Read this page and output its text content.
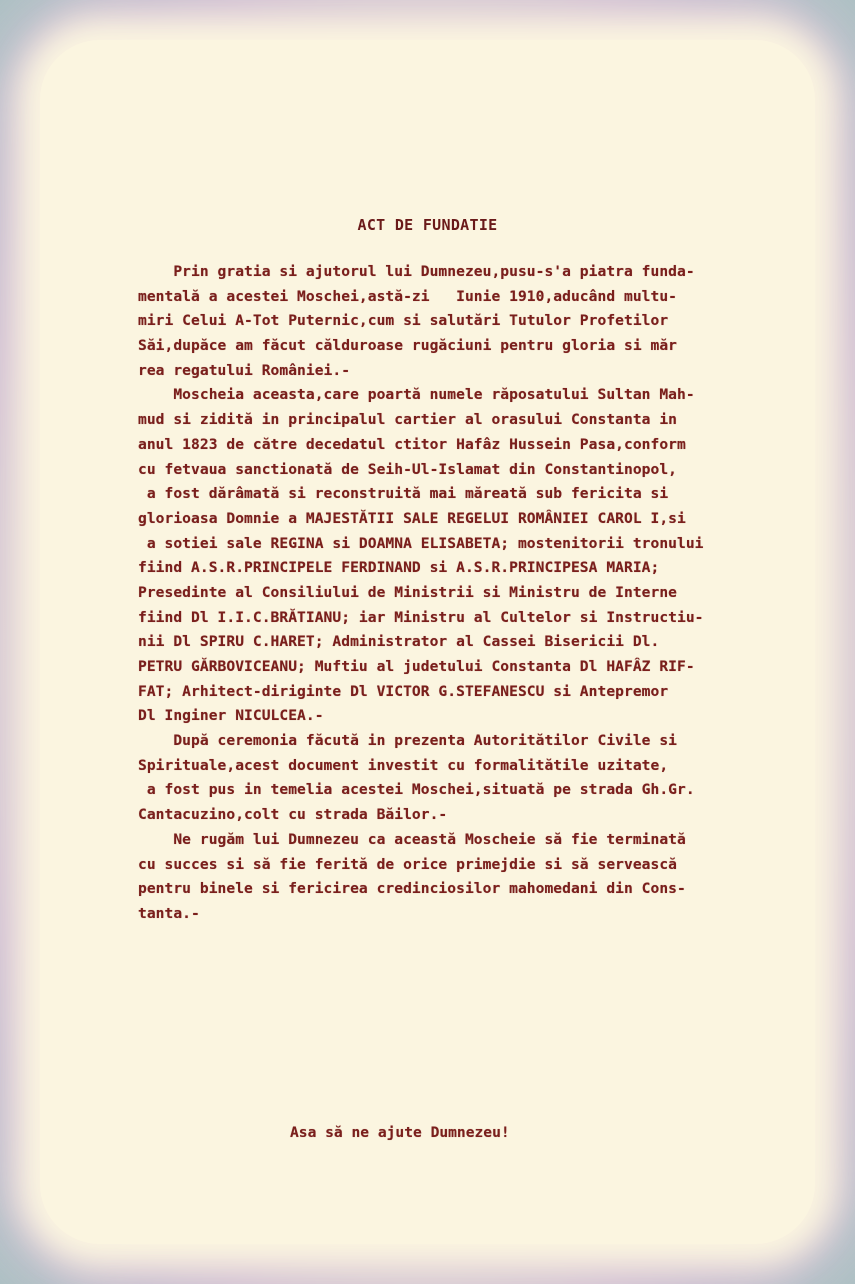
ACT DE FUNDATIE
Prin gratia si ajutorul lui Dumnezeu,pusu-s'a piatra funda-
mentală a acestei Moschei,astă-zi   Iunie 1910,aducând multu-
miri Celui A-Tot Puternic,cum si salutări Tutulor Profetilor
Săi,dupăce am făcut călduroase rugăciuni pentru gloria si măr
rea regatului României.-
Moscheia aceasta,care poartă numele răposatului Sultan Mah-
mud si zidită in principalul cartier al orasului Constanta in
anul 1823 de către decedatul ctitor Hafâz Hussein Pasa,conform
cu fetvaua sanctionată de Seih-Ul-Islamat din Constantinopol,
a fost dărâmată si reconstruită mai măreată sub fericita si
glorioasa Domnie a MAJESTĂTII SALE REGELUI ROMÂNIEI CAROL I,si
a sotiei sale REGINA si DOAMNA ELISABETA; mostenitorii tronului
fiind A.S.R.PRINCIPELE FERDINAND si A.S.R.PRINCIPESA MARIA;
Presedinte al Consiliului de Ministrii si Ministru de Interne
fiind Dl I.I.C.BRĂTIANU; iar Ministru al Cultelor si Instructiu-
nii Dl SPIRU C.HARET; Administrator al Cassei Bisericii Dl.
PETRU GĂRBOVICEANU; Muftiu al judetului Constanta Dl HAFÂZ RIF-
FAT; Arhitect-diriginte Dl VICTOR G.STEFANESCU si Antepremor
Dl Inginer NICULCEA.-
După ceremonia făcută in prezenta Autoritătilor Civile si
Spirituale,acest document investit cu formalitătile uzitate,
a fost pus in temelia acestei Moschei,situată pe strada Gh.Gr.
Cantacuzino,colt cu strada Băilor.-
Ne rugăm lui Dumnezeu ca această Moscheie să fie terminată
cu succes si să fie ferită de orice primejdie si să servească
pentru binele si fericirea credinciosilor mahomedani din Cons-
tanta.-
Asa să ne ajute Dumnezeu!
